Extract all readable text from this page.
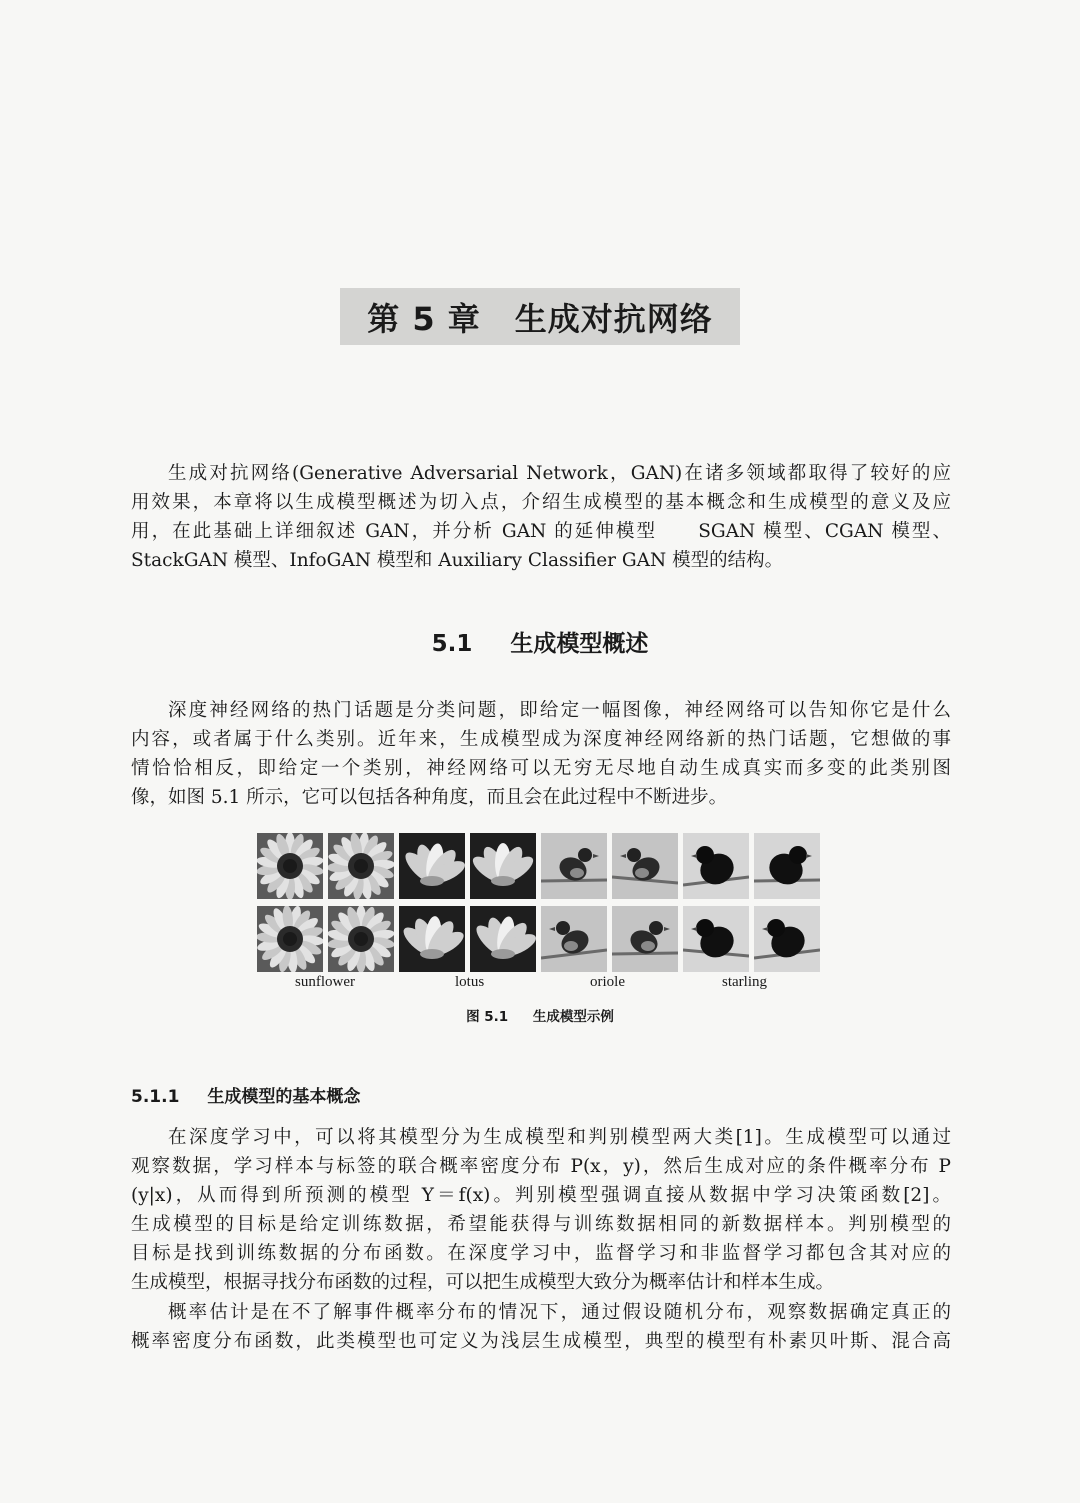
第 5 章 生成对抗网络

生成对抗网络(Generative Adversarial Network，GAN)在诸多领域都取得了较好的应
用效果，本章将以生成模型概述为切入点，介绍生成模型的基本概念和生成模型的意义及应
用，在此基础上详细叙述 GAN，并分析 GAN 的延伸模型　　SGAN 模型、CGAN 模型、
StackGAN 模型、InfoGAN 模型和 Auxiliary Classifier GAN 模型的结构。

5.1 生成模型概述

深度神经网络的热门话题是分类问题，即给定一幅图像，神经网络可以告知你它是什么
内容，或者属于什么类别。近年来，生成模型成为深度神经网络新的热门话题，它想做的事
情恰恰相反，即给定一个类别，神经网络可以无穷无尽地自动生成真实而多变的此类别图
像，如图 5.1 所示，它可以包括各种角度，而且会在此过程中不断进步。

sunflower	lotus	oriole	starling
图 5.1 生成模型示例
5.1.1 生成模型的基本概念

在深度学习中，可以将其模型分为生成模型和判别模型两大类[1]。生成模型可以通过
观察数据，学习样本与标签的联合概率密度分布 P(x，y)，然后生成对应的条件概率分布 P
(y|x)，从而得到所预测的模型 Y＝f(x)。判别模型强调直接从数据中学习决策函数[2]。
生成模型的目标是给定训练数据，希望能获得与训练数据相同的新数据样本。判别模型的
目标是找到训练数据的分布函数。在深度学习中，监督学习和非监督学习都包含其对应的
生成模型，根据寻找分布函数的过程，可以把生成模型大致分为概率估计和样本生成。

概率估计是在不了解事件概率分布的情况下，通过假设随机分布，观察数据确定真正的
概率密度分布函数，此类模型也可定义为浅层生成模型，典型的模型有朴素贝叶斯、混合高
